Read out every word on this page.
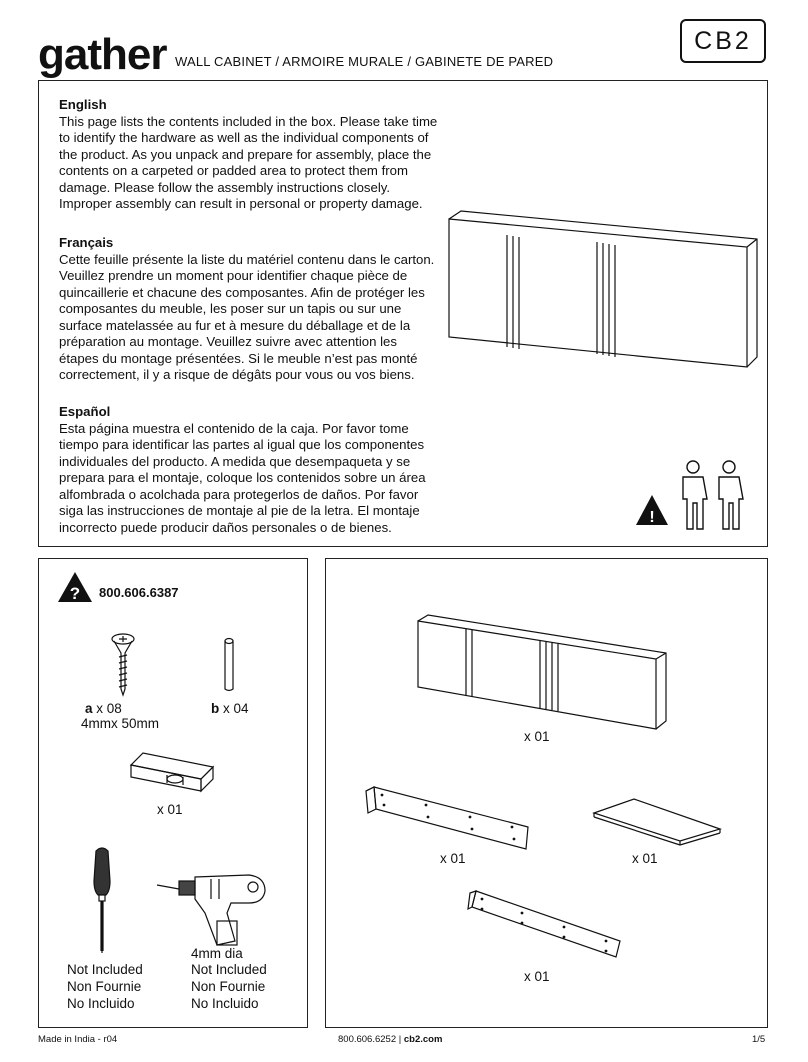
gather WALL CABINET / ARMOIRE MURALE / GABINETE DE PARED
CB2
English

This page lists the contents included in the box. Please take time to identify the hardware as well as the individual components of the product. As you unpack and prepare for assembly, place the contents on a carpeted or padded area to protect them from damage. Please follow the assembly instructions closely. Improper assembly can result in personal or property damage.

Français

Cette feuille présente la liste du matériel contenu dans le carton. Veuillez prendre un moment pour identifier chaque pièce de quincaillerie et chacune des composantes. Afin de protéger les composantes du meuble, les poser sur un tapis ou sur une surface matelassée au fur et à mesure du déballage et de la préparation au montage. Veuillez suivre avec attention les étapes du montage présentées. Si le meuble n’est pas monté correctement, il y a risque de dégâts pour vous ou vos biens.

Español

Esta página muestra el contenido de la caja. Por favor tome tiempo para identificar las partes al igual que los componentes individuales del producto. A medida que desempaqueta y se prepara para el montaje, coloque los contenidos sobre un área alfombrada o acolchada para protegerlos de daños. Por favor siga las instrucciones de montaje al pie de la letra. El montaje incorrecto puede producir daños personales o de bienes.

!
? 800.606.6387
a x 08
4mmx 50mm
b x 04
x 01
4mm dia
Not Included
Non Fournie
No Incluido
Not Included
Non Fournie
No Incluido
x 01
x 01	x 01
x 01
Made in India - r04	800.606.6252 | cb2.com	1/5
